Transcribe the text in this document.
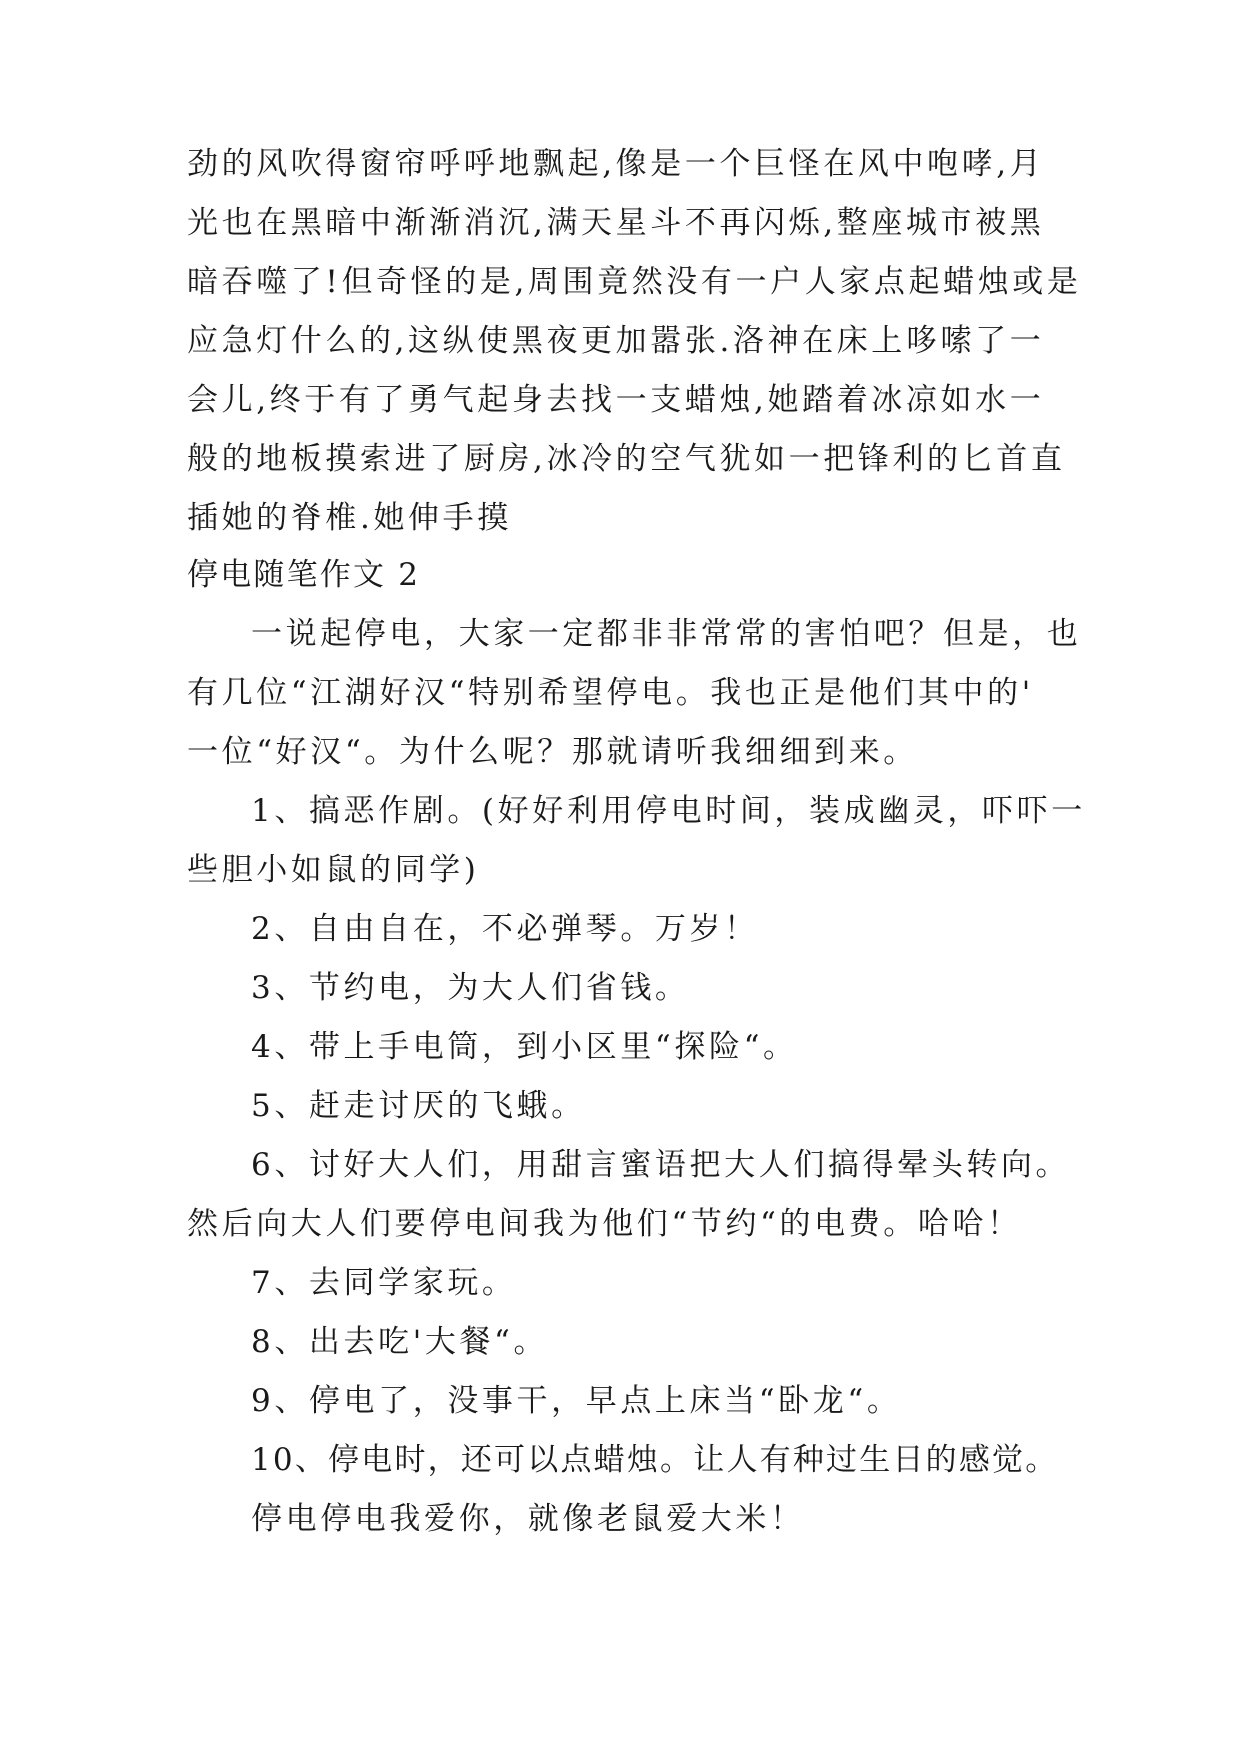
劲的风吹得窗帘呼呼地飘起,像是一个巨怪在风中咆哮,月
光也在黑暗中渐渐消沉,满天星斗不再闪烁,整座城市被黑
暗吞噬了!但奇怪的是,周围竟然没有一户人家点起蜡烛或是
应急灯什么的,这纵使黑夜更加嚣张.洛神在床上哆嗦了一
会儿,终于有了勇气起身去找一支蜡烛,她踏着冰凉如水一
般的地板摸索进了厨房,冰冷的空气犹如一把锋利的匕首直
插她的脊椎.她伸手摸
停电随笔作文 2
一说起停电，大家一定都非非常常的害怕吧？但是，也
有几位“江湖好汉“特别希望停电。我也正是他们其中的'
一位“好汉“。为什么呢？那就请听我细细到来。
1、搞恶作剧。(好好利用停电时间，装成幽灵，吓吓一
些胆小如鼠的同学)
2、自由自在，不必弹琴。万岁！
3、节约电，为大人们省钱。
4、带上手电筒，到小区里“探险“。
5、赶走讨厌的飞蛾。
6、讨好大人们，用甜言蜜语把大人们搞得晕头转向。
然后向大人们要停电间我为他们“节约“的电费。哈哈！
7、去同学家玩。
8、出去吃'大餐“。
9、停电了，没事干，早点上床当“卧龙“。
10、停电时，还可以点蜡烛。让人有种过生日的感觉。
停电停电我爱你，就像老鼠爱大米！
